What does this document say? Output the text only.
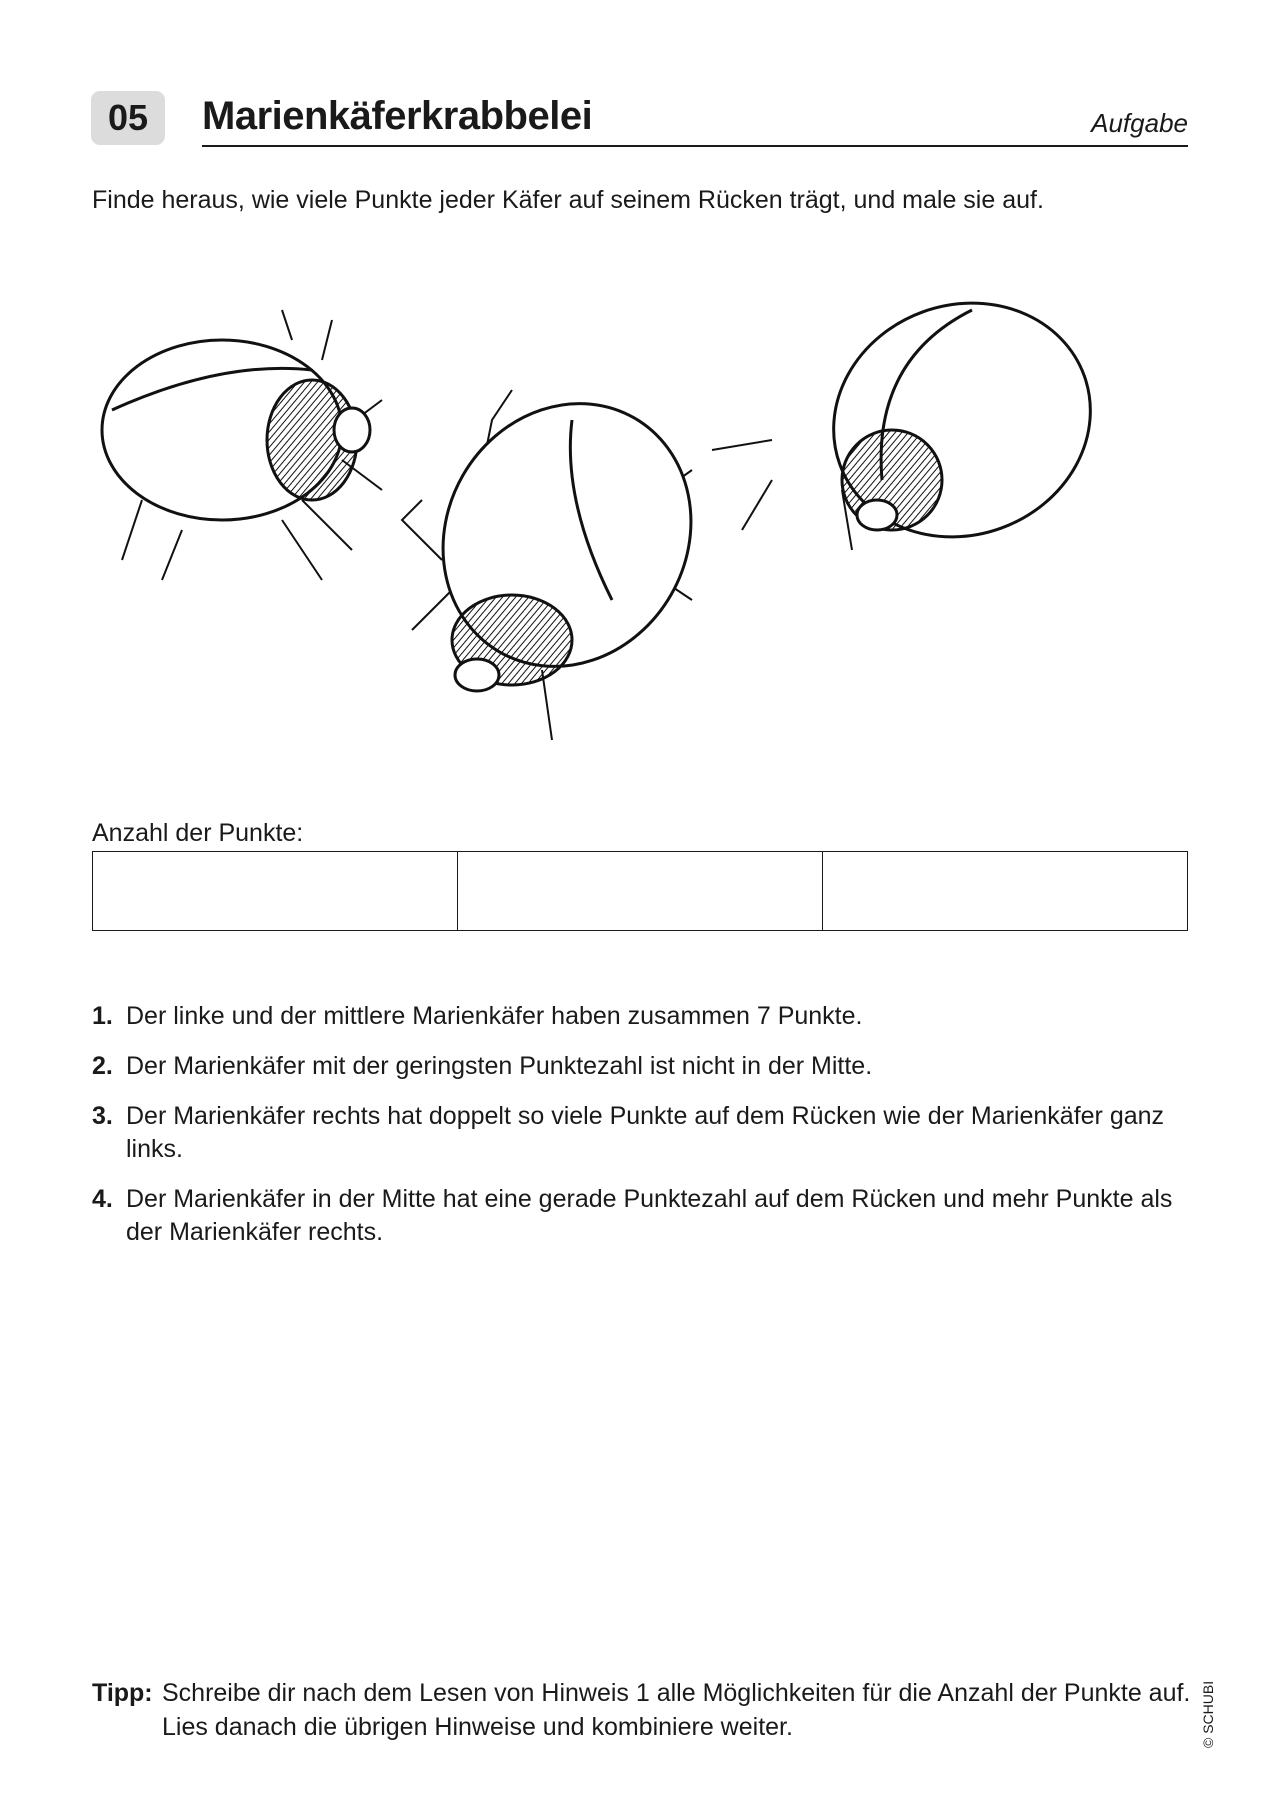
05	Marienkäferkrabbelei	Aufgabe
Finde heraus, wie viele Punkte jeder Käfer auf seinem Rücken trägt, und male sie auf.
Anzahl der Punkte:
1. Der linke und der mittlere Marienkäfer haben zusammen 7 Punkte.
2. Der Marienkäfer mit der geringsten Punktezahl ist nicht in der Mitte.
3. Der Marienkäfer rechts hat doppelt so viele Punkte auf dem Rücken wie der Marienkäfer ganz links.
4. Der Marienkäfer in der Mitte hat eine gerade Punktezahl auf dem Rücken und mehr Punkte als der Marienkäfer rechts.
Tipp: Schreibe dir nach dem Lesen von Hinweis 1 alle Möglichkeiten für die Anzahl der Punkte auf. Lies danach die übrigen Hinweise und kombiniere weiter.	© SCHUBI
